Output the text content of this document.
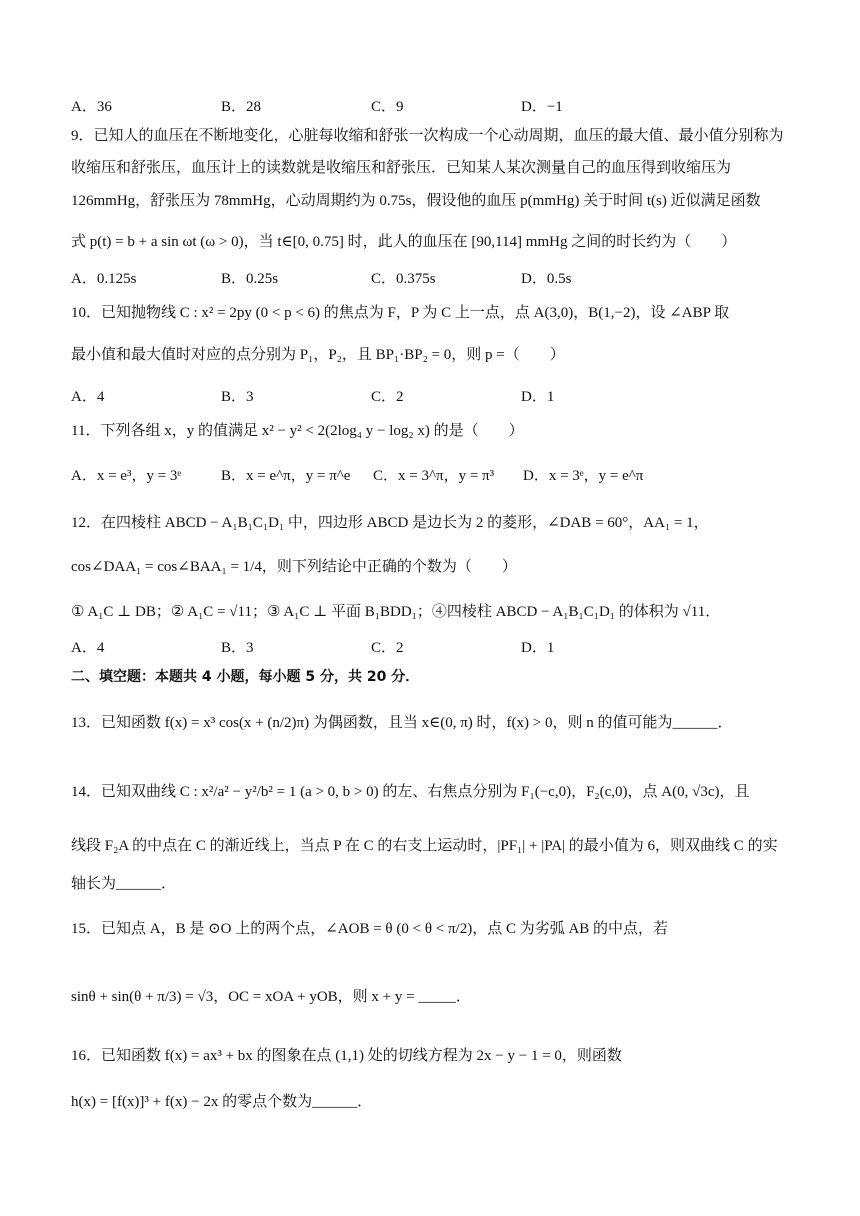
A．36	B．28	C．9	D．−1
9．已知人的血压在不断地变化，心脏每收缩和舒张一次构成一个心动周期，血压的最大值、最小值分别称为
收缩压和舒张压，血压计上的读数就是收缩压和舒张压．已知某人某次测量自己的血压得到收缩压为
126mmHg，舒张压为 78mmHg，心动周期约为 0.75s，假设他的血压 p(mmHg) 关于时间 t(s) 近似满足函数
式 p(t) = b + a sin ωt (ω > 0)，当 t∈[0, 0.75] 时，此人的血压在 [90,114] mmHg 之间的时长约为（　　）
A．0.125s	B．0.25s	C．0.375s	D．0.5s
10．已知抛物线 C : x² = 2py (0 < p < 6) 的焦点为 F，P 为 C 上一点，点 A(3,0)，B(1,−2)，设 ∠ABP 取
最小值和最大值时对应的点分别为 P₁，P₂，且 BP₁·BP₂ = 0，则 p =（　　）
A．4	B．3	C．2	D．1
11．下列各组 x，y 的值满足 x² − y² < 2(2log₄ y − log₂ x) 的是（　　）
A．x = e³，y = 3ᵉ	B．x = e^π，y = π^e C．x = 3^π，y = π³ D．x = 3ᵉ，y = e^π
12．在四棱柱 ABCD − A₁B₁C₁D₁ 中，四边形 ABCD 是边长为 2 的菱形，∠DAB = 60°，AA₁ = 1，
cos∠DAA₁ = cos∠BAA₁ = 1/4，则下列结论中正确的个数为（　　）
① A₁C ⊥ DB；② A₁C = √11；③ A₁C ⊥ 平面 B₁BDD₁；④四棱柱 ABCD − A₁B₁C₁D₁ 的体积为 √11．
A．4	B．3	C．2	D．1
二、填空题：本题共 4 小题，每小题 5 分，共 20 分．
13．已知函数 f(x) = x³ cos(x + (n/2)π) 为偶函数，且当 x∈(0, π) 时，f(x) > 0，则 n 的值可能为______．
14．已知双曲线 C : x²/a² − y²/b² = 1 (a > 0, b > 0) 的左、右焦点分别为 F₁(−c,0)，F₂(c,0)，点 A(0, √3c)，且
线段 F₂A 的中点在 C 的渐近线上，当点 P 在 C 的右支上运动时，|PF₁| + |PA| 的最小值为 6，则双曲线 C 的实
轴长为______．
15．已知点 A，B 是 ⊙O 上的两个点，∠AOB = θ (0 < θ < π/2)，点 C 为劣弧 AB 的中点，若
sinθ + sin(θ + π/3) = √3，OC = xOA + yOB，则 x + y = _____．
16．已知函数 f(x) = ax³ + bx 的图象在点 (1,1) 处的切线方程为 2x − y − 1 = 0，则函数
h(x) = [f(x)]³ + f(x) − 2x 的零点个数为______．
